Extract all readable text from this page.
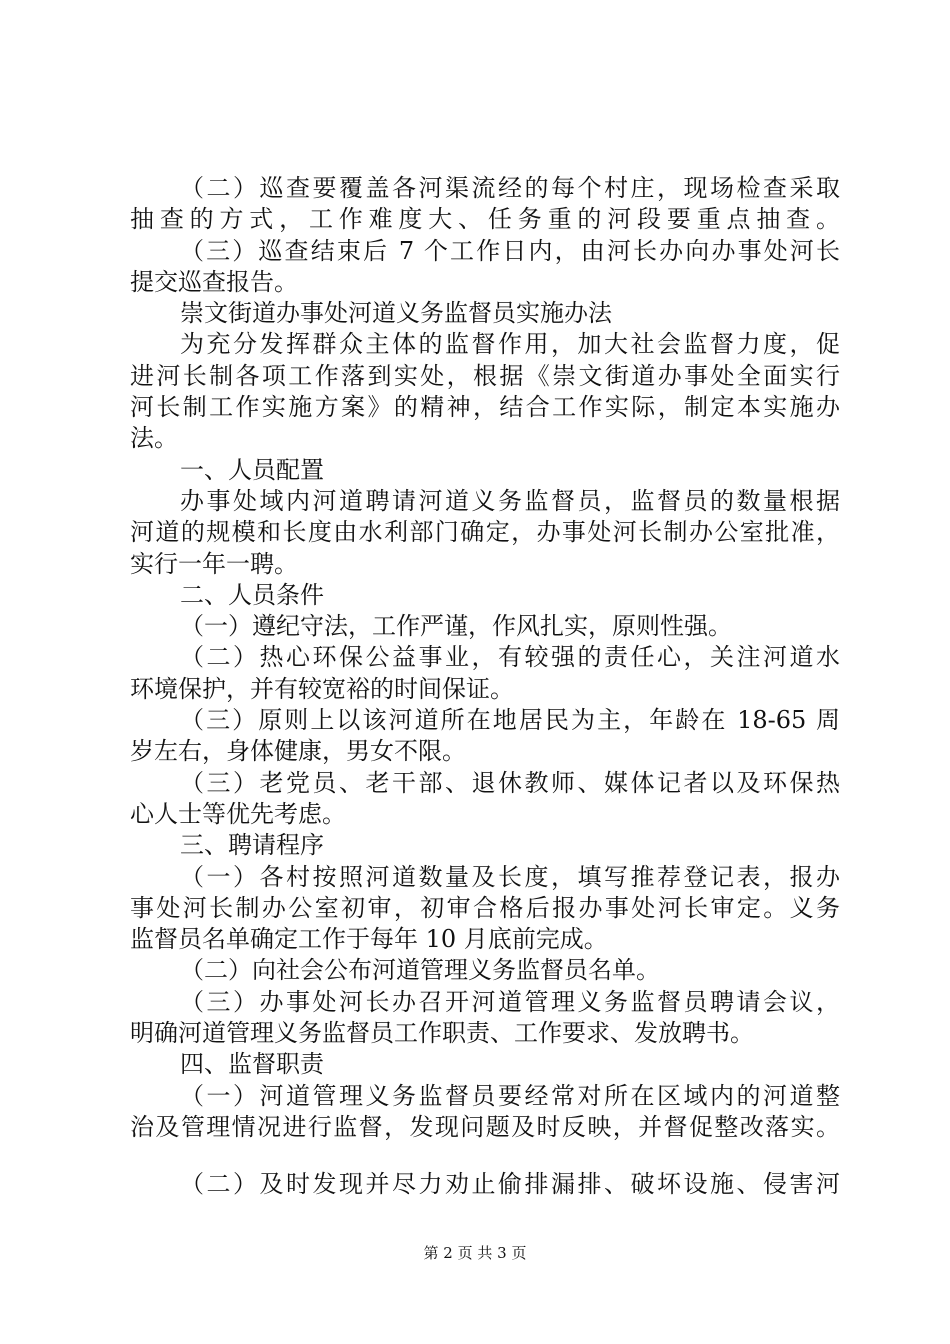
（二）巡查要覆盖各河渠流经的每个村庄，现场检查采取
抽查的方式，工作难度大、任务重的河段要重点抽查。
（三）巡查结束后 7 个工作日内，由河长办向办事处河长
提交巡查报告。
崇文街道办事处河道义务监督员实施办法
为充分发挥群众主体的监督作用，加大社会监督力度，促
进河长制各项工作落到实处，根据《崇文街道办事处全面实行
河长制工作实施方案》的精神，结合工作实际，制定本实施办
法。
一、人员配置
办事处域内河道聘请河道义务监督员，监督员的数量根据
河道的规模和长度由水利部门确定，办事处河长制办公室批准，
实行一年一聘。
二、人员条件
（一）遵纪守法，工作严谨，作风扎实，原则性强。
（二）热心环保公益事业，有较强的责任心，关注河道水
环境保护，并有较宽裕的时间保证。
（三）原则上以该河道所在地居民为主，年龄在 18-65 周
岁左右，身体健康，男女不限。
（三）老党员、老干部、退休教师、媒体记者以及环保热
心人士等优先考虑。
三、聘请程序
（一）各村按照河道数量及长度，填写推荐登记表，报办
事处河长制办公室初审，初审合格后报办事处河长审定。义务
监督员名单确定工作于每年 10 月底前完成。
（二）向社会公布河道管理义务监督员名单。
（三）办事处河长办召开河道管理义务监督员聘请会议，
明确河道管理义务监督员工作职责、工作要求、发放聘书。
四、监督职责
（一）河道管理义务监督员要经常对所在区域内的河道整
治及管理情况进行监督，发现问题及时反映，并督促整改落实。
（二）及时发现并尽力劝止偷排漏排、破坏设施、侵害河
第 2 页 共 3 页
